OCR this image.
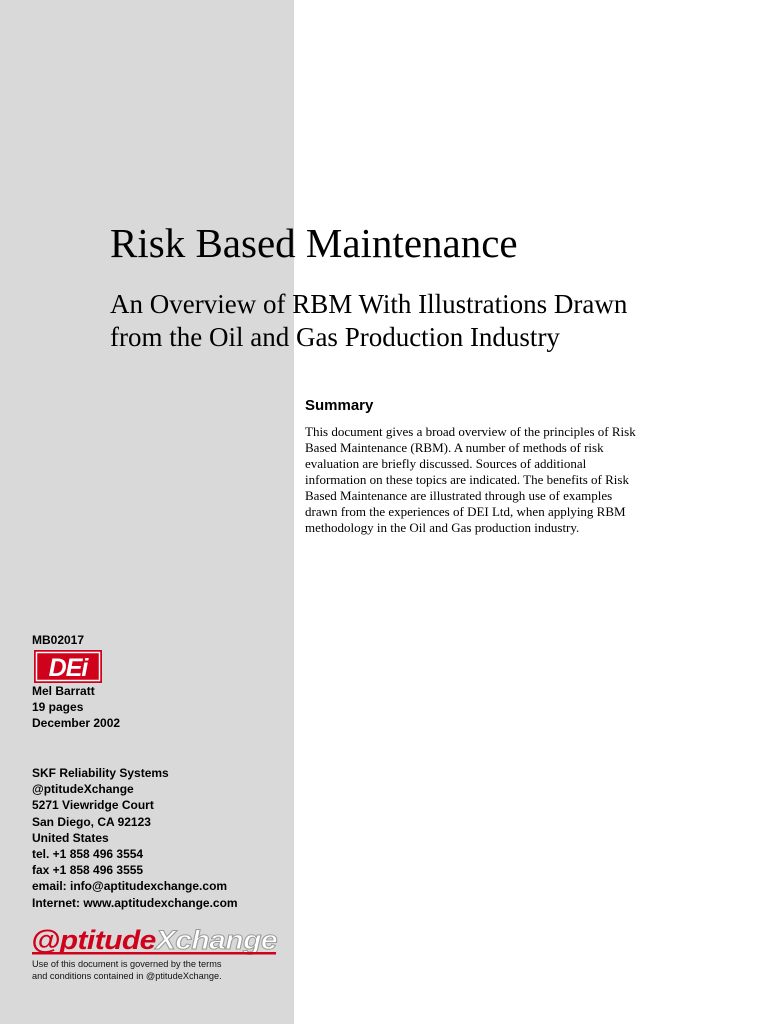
Risk Based Maintenance
An Overview of RBM With Illustrations Drawn
from the Oil and Gas Production Industry
Summary

This document gives a broad overview of the principles of Risk
Based Maintenance (RBM). A number of methods of risk
evaluation are briefly discussed. Sources of additional
information on these topics are indicated. The benefits of Risk
Based Maintenance are illustrated through use of examples
drawn from the experiences of DEI Ltd, when applying RBM
methodology in the Oil and Gas production industry.

MB02017
DEi
Mel Barratt
19 pages
December 2002
SKF Reliability Systems
@ptitudeXchange
5271 Viewridge Court
San Diego, CA 92123
United States
tel. +1 858 496 3554
fax +1 858 496 3555
email: info@aptitudexchange.com
Internet: www.aptitudexchange.com
@ptitude Xchange
Use of this document is governed by the terms
and conditions contained in @ptitudeXchange.
